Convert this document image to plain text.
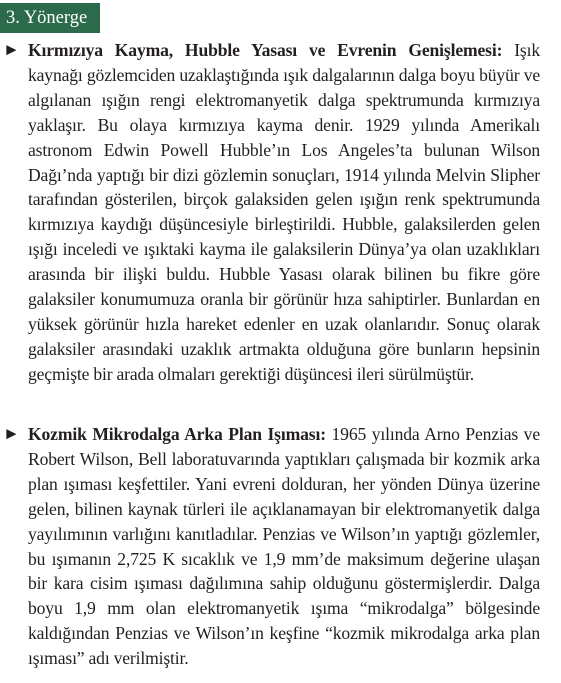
3. Yönerge
► Kırmızıya Kayma, Hubble Yasası ve Evrenin Genişlemesi: Işık kaynağı gözlemciden uzaklaştığında ışık dalgalarının dalga boyu büyür ve algılanan ışığın rengi elektromanyetik dalga spektrumunda kırmızıya yaklaşır. Bu olaya kırmızıya kayma denir. 1929 yılında Amerikalı astronom Edwin Powell Hubble’ın Los Angeles’ta bulunan Wilson Dağı’nda yaptığı bir dizi gözlemin sonuçları, 1914 yılında Melvin Slipher tarafından gösterilen, birçok galaksiden gelen ışığın renk spektrumunda kırmızıya kaydığı düşüncesiyle birleştirildi. Hubble, galaksilerden gelen ışığı inceledi ve ışıktaki kayma ile galaksilerin Dünya’ya olan uzaklıkları arasında bir ilişki buldu. Hubble Yasası olarak bilinen bu fikre göre galaksiler konumumuza oranla bir görünür hıza sahiptirler. Bunlardan en yüksek görünür hızla hareket edenler en uzak olanlarıdır. Sonuç olarak galaksiler arasındaki uzaklık artmakta olduğuna göre bunların hepsinin geçmişte bir arada olmaları gerektiği düşüncesi ileri sürülmüştür.

► Kozmik Mikrodalga Arka Plan Işıması: 1965 yılında Arno Penzias ve Robert Wilson, Bell laboratuvarında yaptıkları çalışmada bir kozmik arka plan ışıması keşfettiler. Yani evreni dolduran, her yönden Dünya üzerine gelen, bilinen kaynak türleri ile açıklanamayan bir elektromanyetik dalga yayılımının varlığını kanıtladılar. Penzias ve Wilson’ın yaptığı gözlemler, bu ışımanın 2,725 K sıcaklık ve 1,9 mm’de maksimum değerine ulaşan bir kara cisim ışıması dağılımına sahip olduğunu göstermişlerdir. Dalga boyu 1,9 mm olan elektromanyetik ışıma “mikrodalga” bölgesinde kaldığından Penzias ve Wilson’ın keşfine “kozmik mikrodalga arka plan ışıması” adı verilmiştir.
